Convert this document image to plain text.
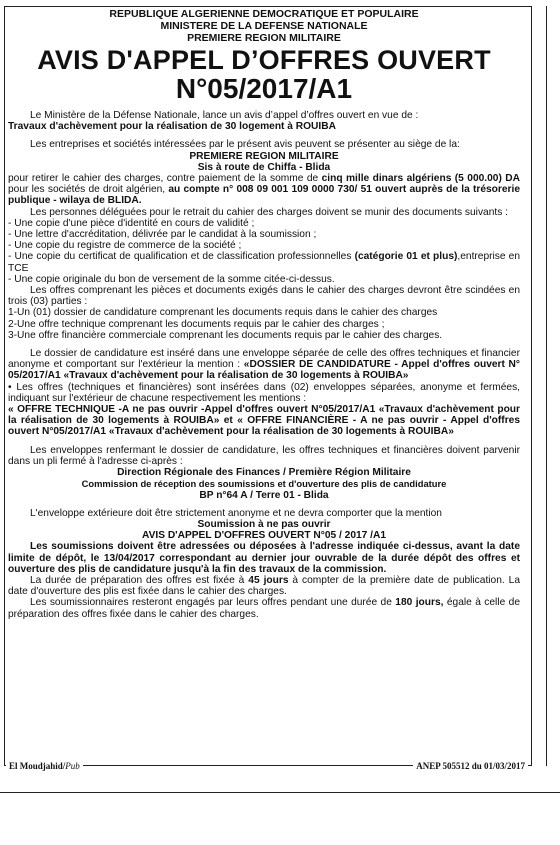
REPUBLIQUE ALGERIENNE DEMOCRATIQUE ET POPULAIRE
MINISTERE DE LA DEFENSE NATIONALE
PREMIERE REGION MILITAIRE
AVIS D'APPEL D’OFFRES OUVERT
N°05/2017/A1

Le Ministère de la Défense Nationale, lance un avis d’appel d’offres ouvert en vue de :

Travaux d'achèvement pour la réalisation de 30 logement à ROUIBA

Les entreprises et sociétés intéressées par le présent avis peuvent se présenter au siège de la:

PREMIERE REGION MILITAIRE

Sis à route de Chiffa - Blida

pour retirer le cahier des charges, contre paiement de la somme de cinq mille dinars algériens (5 000.00) DA pour les sociétés de droit algérien, au compte n° 008 09 001 109 0000 730/ 51 ouvert auprès de la trésorerie publique - wilaya de BLIDA.

Les personnes déléguées pour le retrait du cahier des charges doivent se munir des documents suivants :

- Une copie d'une pièce d'identité en cours de validité ;

- Une lettre d'accréditation, délivrée par le candidat à la soumission ;

- Une copie du registre de commerce de la société ;

- Une copie du certificat de qualification et de classification professionnelles (catégorie 01 et plus),entreprise en TCE

- Une copie originale du bon de versement de la somme citée-ci-dessus.

Les offres comprenant les pièces et documents exigés dans le cahier des charges devront être scindées en trois (03) parties :

1-Un (01) dossier de candidature comprenant les documents requis dans le cahier des charges

2-Une offre technique comprenant les documents requis par le cahier des charges ;

3-Une offre financière commerciale comprenant les documents requis par le cahier des charges.

Le dossier de candidature est inséré dans une enveloppe séparée de celle des offres techniques et financier anonyme et comportant sur l'extérieur la mention : «DOSSIER DE CANDIDATURE - Appel d'offres ouvert N° 05/2017/A1 «Travaux d'achèvement pour la réalisation de 30 logements à ROUIBA»

• Les offres (techniques et financières) sont insérées dans (02) enveloppes séparées, anonyme et fermées, indiquant sur l'extérieur de chacune respectivement les mentions :

« OFFRE TECHNIQUE -A ne pas ouvrir -Appel d'offres ouvert N°05/2017/A1 «Travaux d'achèvement pour la réalisation de 30 logements à ROUIBA» et « OFFRE FINANCIÈRE - A ne pas ouvrir - Appel d'offres ouvert N°05/2017/A1 «Travaux d'achèvement pour la réalisation de 30 logements à ROUIBA»

Les enveloppes renfermant le dossier de candidature, les offres techniques et financières doivent parvenir dans un pli fermé à l'adresse ci-après :

Direction Régionale des Finances / Première Région Militaire

Commission de réception des soumissions et d'ouverture des plis de candidature

BP n°64 A / Terre 01 - Blida

L'enveloppe extérieure doit être strictement anonyme et ne devra comporter que la mention

Soumission à ne pas ouvrir

AVIS D'APPEL D'OFFRES OUVERT N°05 / 2017 /A1

Les soumissions doivent être adressées ou déposées à l'adresse indiquée ci-dessus, avant la date limite de dépôt, le 13/04/2017 correspondant au dernier jour ouvrable de la durée dépôt des offres et ouverture des plis de candidature jusqu'à la fin des travaux de la commission.

La durée de préparation des offres est fixée à 45 jours à compter de la première date de publication. La date d'ouverture des plis est fixée dans le cahier des charges.

Les soumissionnaires resteront engagés par leurs offres pendant une durée de 180 jours, égale à celle de préparation des offres fixée dans le cahier des charges.

El Moudjahid/Pub	ANEP 505512 du 01/03/2017
